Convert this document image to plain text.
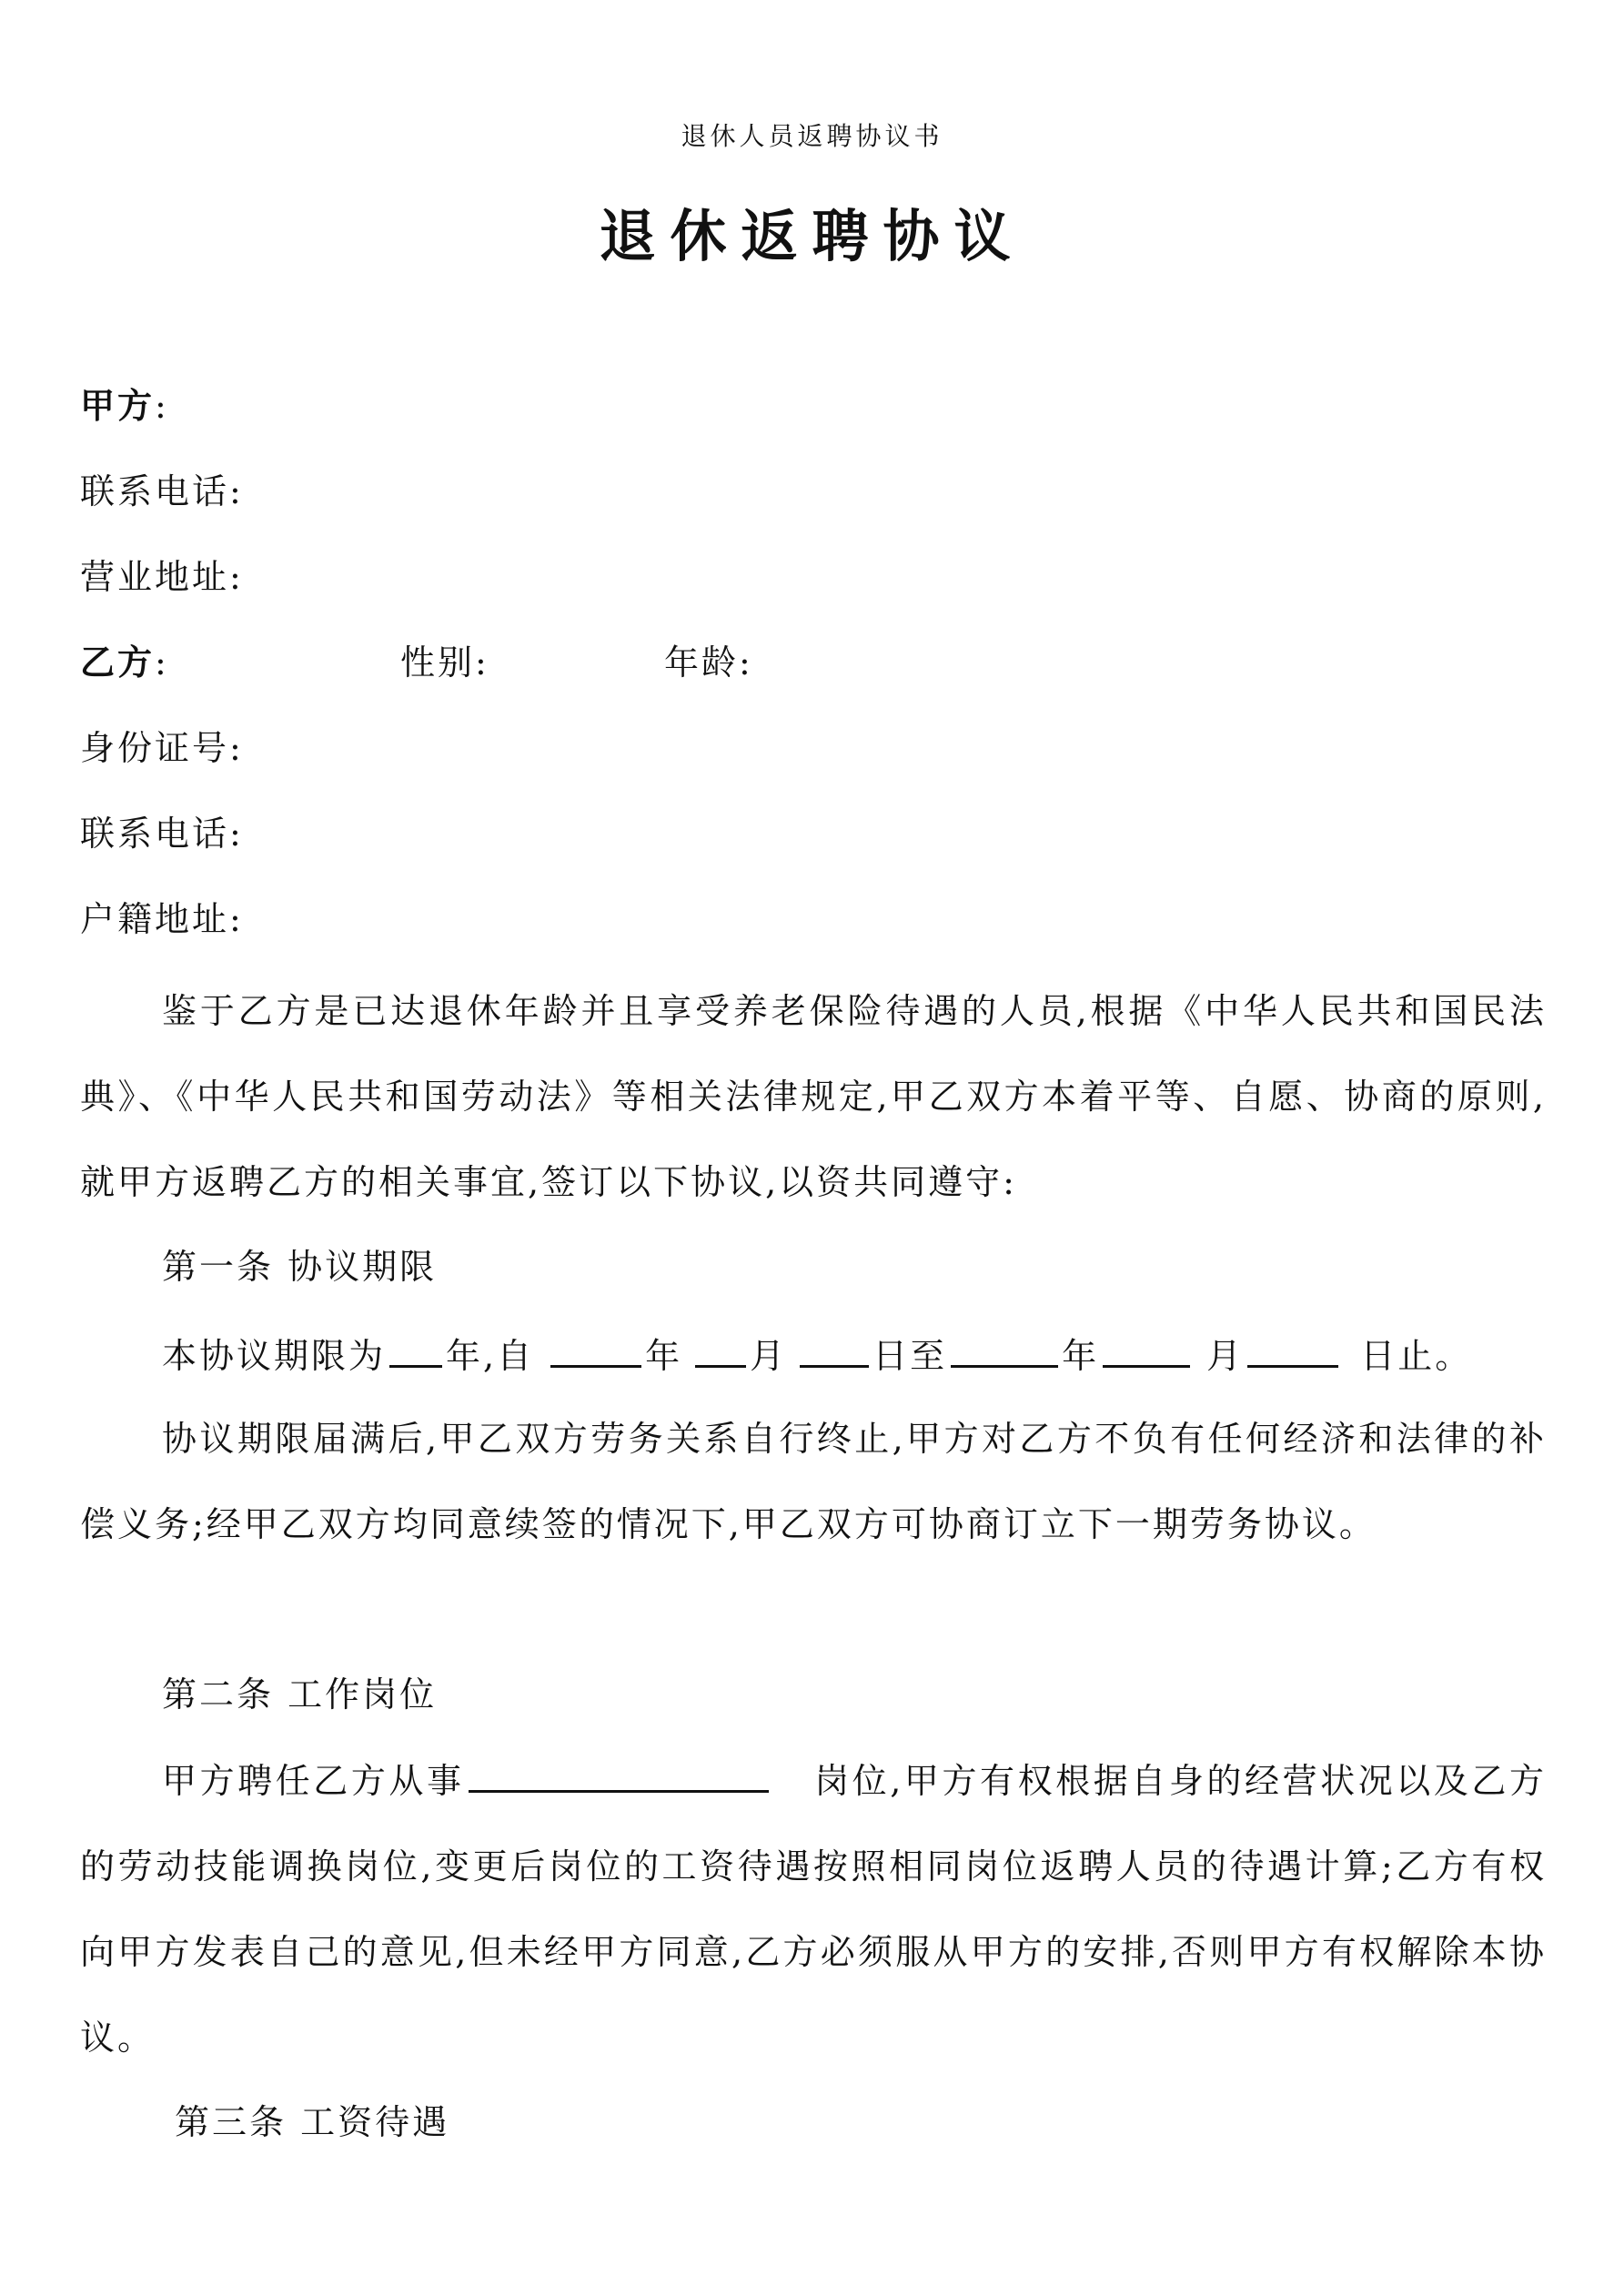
退休人员返聘协议书
退休返聘协议
甲方:
联系电话:
营业地址:
乙方:	性别:	年龄:
身份证号:
联系电话:
户籍地址:
鉴于乙方是已达退休年龄并且享受养老保险待遇的人员,根据《中华人民共和国民法典》、《中华人民共和国劳动法》等相关法律规定,甲乙双方本着平等、自愿、协商的原则,就甲方返聘乙方的相关事宜,签订以下协议,以资共同遵守:
第一条 协议期限
本协议期限为 年,自	年 月 日至	年	月	日止。
协议期限届满后,甲乙双方劳务关系自行终止,甲方对乙方不负有任何经济和法律的补偿义务;经甲乙双方均同意续签的情况下,甲乙双方可协商订立下一期劳务协议。
第二条 工作岗位
甲方聘任乙方从事	岗位,甲方有权根据自身的经营状况以及乙方的劳动技能调换岗位,变更后岗位的工资待遇按照相同岗位返聘人员的待遇计算;乙方有权向甲方发表自己的意见,但未经甲方同意,乙方必须服从甲方的安排,否则甲方有权解除本协议。
第三条 工资待遇
